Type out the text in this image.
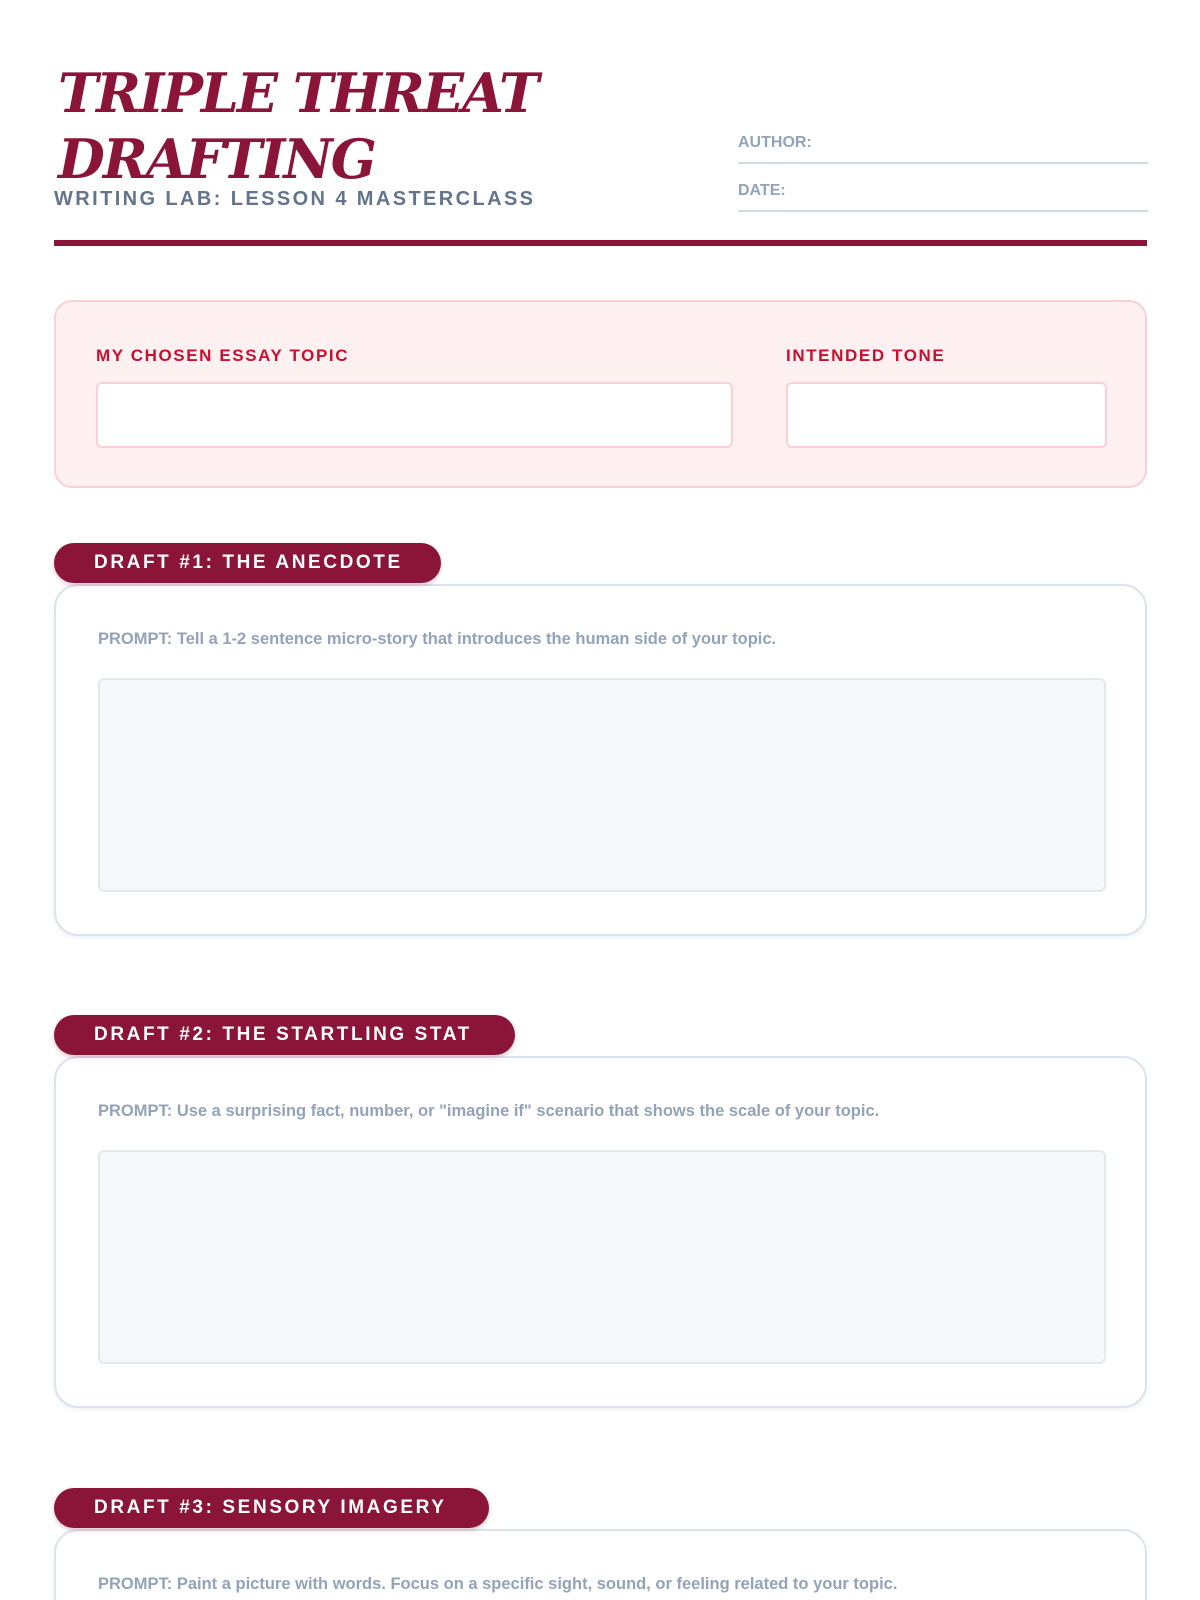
TRIPLE THREAT
DRAFTING
WRITING LAB: LESSON 4 MASTERCLASS
AUTHOR:
DATE:
MY CHOSEN ESSAY TOPIC	INTENDED TONE
DRAFT #1: THE ANECDOTE
PROMPT: Tell a 1-2 sentence micro-story that introduces the human side of your topic.
DRAFT #2: THE STARTLING STAT
PROMPT: Use a surprising fact, number, or "imagine if" scenario that shows the scale of your topic.
DRAFT #3: SENSORY IMAGERY
PROMPT: Paint a picture with words. Focus on a specific sight, sound, or feeling related to your topic.
